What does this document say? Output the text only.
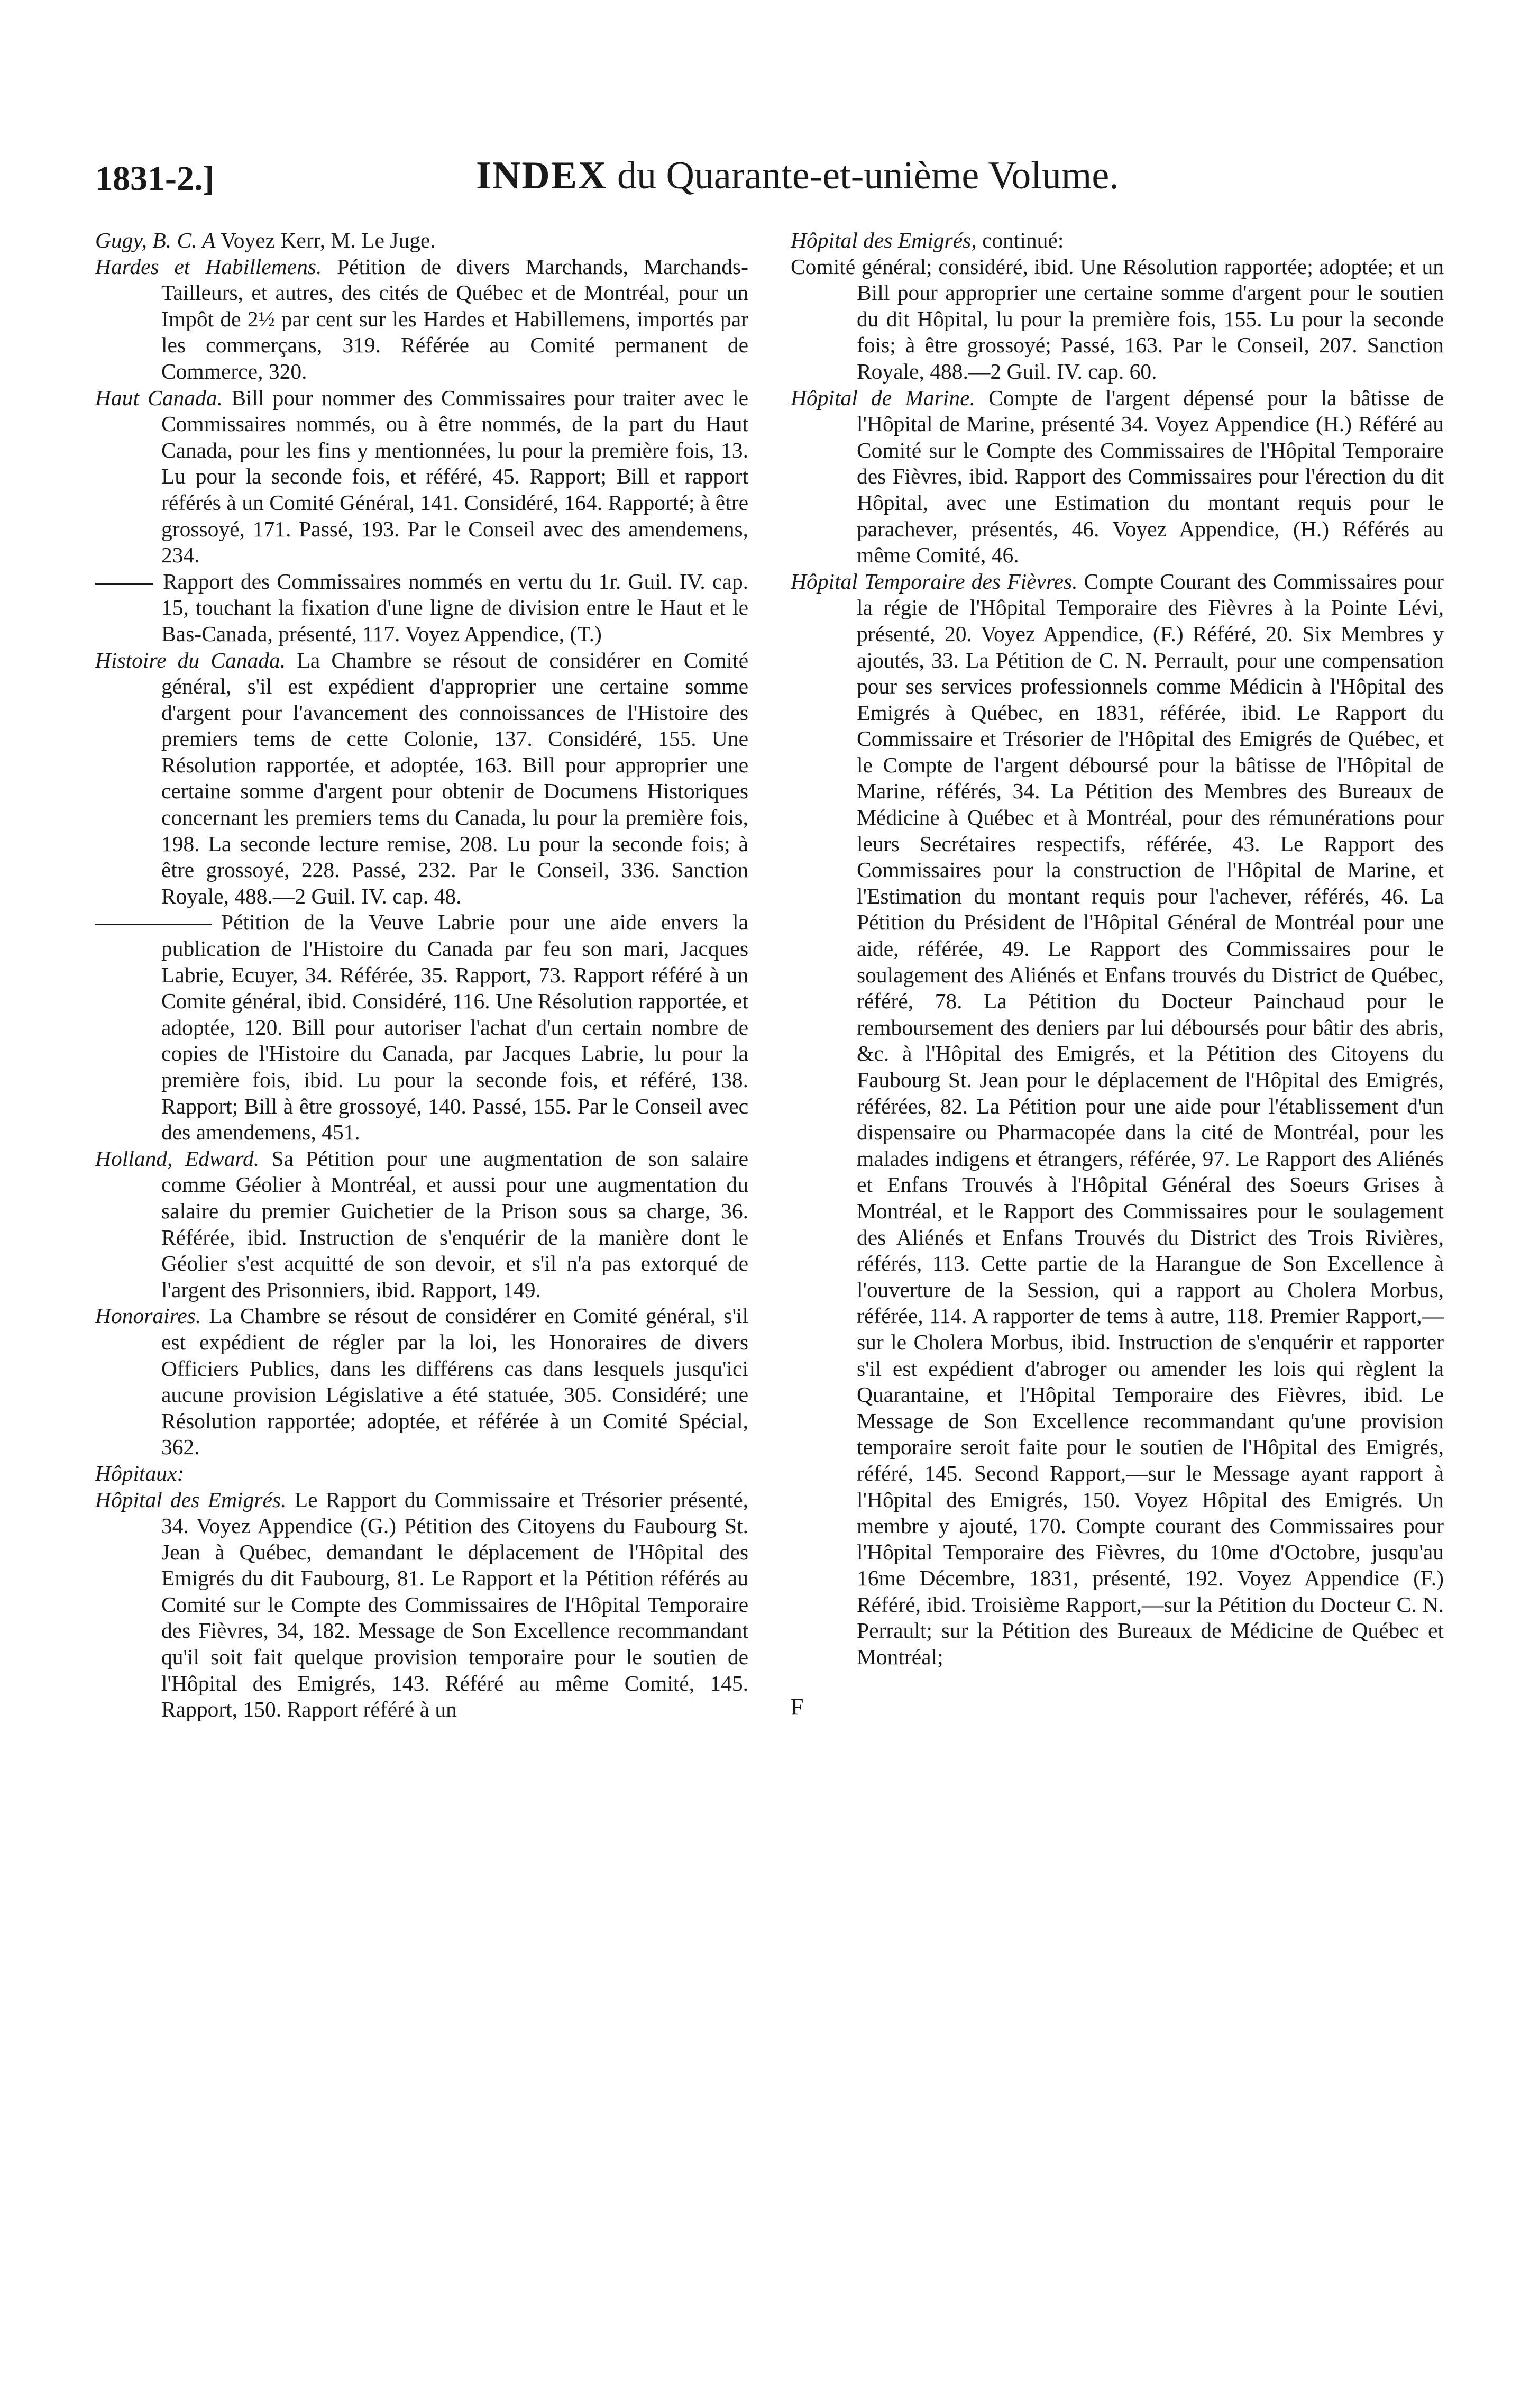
1831-2.]	INDEX du Quarante-et-unième Volume.

Gugy, B. C. A Voyez Kerr, M. Le Juge.

Hardes et Habillemens. Pétition de divers Marchands, Marchands-Tailleurs, et autres, des cités de Québec et de Montréal, pour un Impôt de 2½ par cent sur les Hardes et Habillemens, importés par les commerçans, 319. Référée au Comité permanent de Commerce, 320.

Haut Canada. Bill pour nommer des Commissaires pour traiter avec le Commissaires nommés, ou à être nommés, de la part du Haut Canada, pour les fins y mentionnées, lu pour la première fois, 13. Lu pour la seconde fois, et référé, 45. Rapport; Bill et rapport référés à un Comité Général, 141. Considéré, 164. Rapporté; à être grossoyé, 171. Passé, 193. Par le Conseil avec des amendemens, 234.

Rapport des Commissaires nommés en vertu du 1r. Guil. IV. cap. 15, touchant la fixation d'une ligne de division entre le Haut et le Bas-Canada, présenté, 117. Voyez Appendice, (T.)

Histoire du Canada. La Chambre se résout de considérer en Comité général, s'il est expédient d'approprier une certaine somme d'argent pour l'avancement des connoissances de l'Histoire des premiers tems de cette Colonie, 137. Considéré, 155. Une Résolution rapportée, et adoptée, 163. Bill pour approprier une certaine somme d'argent pour obtenir de Documens Historiques concernant les premiers tems du Canada, lu pour la première fois, 198. La seconde lecture remise, 208. Lu pour la seconde fois; à être grossoyé, 228. Passé, 232. Par le Conseil, 336. Sanction Royale, 488.—2 Guil. IV. cap. 48.

Pétition de la Veuve Labrie pour une aide envers la publication de l'Histoire du Canada par feu son mari, Jacques Labrie, Ecuyer, 34. Référée, 35. Rapport, 73. Rapport référé à un Comite général, ibid. Considéré, 116. Une Résolution rapportée, et adoptée, 120. Bill pour autoriser l'achat d'un certain nombre de copies de l'Histoire du Canada, par Jacques Labrie, lu pour la première fois, ibid. Lu pour la seconde fois, et référé, 138. Rapport; Bill à être grossoyé, 140. Passé, 155. Par le Conseil avec des amendemens, 451.

Holland, Edward. Sa Pétition pour une augmentation de son salaire comme Géolier à Montréal, et aussi pour une augmentation du salaire du premier Guichetier de la Prison sous sa charge, 36. Référée, ibid. Instruction de s'enquérir de la manière dont le Géolier s'est acquitté de son devoir, et s'il n'a pas extorqué de l'argent des Prisonniers, ibid. Rapport, 149.

Honoraires. La Chambre se résout de considérer en Comité général, s'il est expédient de régler par la loi, les Honoraires de divers Officiers Publics, dans les différens cas dans lesquels jusqu'ici aucune provision Législative a été statuée, 305. Considéré; une Résolution rapportée; adoptée, et référée à un Comité Spécial, 362.

Hôpitaux:

Hôpital des Emigrés. Le Rapport du Commissaire et Trésorier présenté, 34. Voyez Appendice (G.) Pétition des Citoyens du Faubourg St. Jean à Québec, demandant le déplacement de l'Hôpital des Emigrés du dit Faubourg, 81. Le Rapport et la Pétition référés au Comité sur le Compte des Commissaires de l'Hôpital Temporaire des Fièvres, 34, 182. Message de Son Excellence recommandant qu'il soit fait quelque provision temporaire pour le soutien de l'Hôpital des Emigrés, 143. Référé au même Comité, 145. Rapport, 150. Rapport référé à un

Hôpital des Emigrés, continué:

Comité général; considéré, ibid. Une Résolution rapportée; adoptée; et un Bill pour approprier une certaine somme d'argent pour le soutien du dit Hôpital, lu pour la première fois, 155. Lu pour la seconde fois; à être grossoyé; Passé, 163. Par le Conseil, 207. Sanction Royale, 488.—2 Guil. IV. cap. 60.

Hôpital de Marine. Compte de l'argent dépensé pour la bâtisse de l'Hôpital de Marine, présenté 34. Voyez Appendice (H.) Référé au Comité sur le Compte des Commissaires de l'Hôpital Temporaire des Fièvres, ibid. Rapport des Commissaires pour l'érection du dit Hôpital, avec une Estimation du montant requis pour le parachever, présentés, 46. Voyez Appendice, (H.) Référés au même Comité, 46.

Hôpital Temporaire des Fièvres. Compte Courant des Commissaires pour la régie de l'Hôpital Temporaire des Fièvres à la Pointe Lévi, présenté, 20. Voyez Appendice, (F.) Référé, 20. Six Membres y ajoutés, 33. La Pétition de C. N. Perrault, pour une compensation pour ses services professionnels comme Médicin à l'Hôpital des Emigrés à Québec, en 1831, référée, ibid. Le Rapport du Commissaire et Trésorier de l'Hôpital des Emigrés de Québec, et le Compte de l'argent déboursé pour la bâtisse de l'Hôpital de Marine, référés, 34. La Pétition des Membres des Bureaux de Médicine à Québec et à Montréal, pour des rémunérations pour leurs Secrétaires respectifs, référée, 43. Le Rapport des Commissaires pour la construction de l'Hôpital de Marine, et l'Estimation du montant requis pour l'achever, référés, 46. La Pétition du Président de l'Hôpital Général de Montréal pour une aide, référée, 49. Le Rapport des Commissaires pour le soulagement des Aliénés et Enfans trouvés du District de Québec, référé, 78. La Pétition du Docteur Painchaud pour le remboursement des deniers par lui déboursés pour bâtir des abris, &c. à l'Hôpital des Emigrés, et la Pétition des Citoyens du Faubourg St. Jean pour le déplacement de l'Hôpital des Emigrés, référées, 82. La Pétition pour une aide pour l'établissement d'un dispensaire ou Pharmacopée dans la cité de Montréal, pour les malades indigens et étrangers, référée, 97. Le Rapport des Aliénés et Enfans Trouvés à l'Hôpital Général des Soeurs Grises à Montréal, et le Rapport des Commissaires pour le soulagement des Aliénés et Enfans Trouvés du District des Trois Rivières, référés, 113. Cette partie de la Harangue de Son Excellence à l'ouverture de la Session, qui a rapport au Cholera Morbus, référée, 114. A rapporter de tems à autre, 118. Premier Rapport,—sur le Cholera Morbus, ibid. Instruction de s'enquérir et rapporter s'il est expédient d'abroger ou amender les lois qui règlent la Quarantaine, et l'Hôpital Temporaire des Fièvres, ibid. Le Message de Son Excellence recommandant qu'une provision temporaire seroit faite pour le soutien de l'Hôpital des Emigrés, référé, 145. Second Rapport,—sur le Message ayant rapport à l'Hôpital des Emigrés, 150. Voyez Hôpital des Emigrés. Un membre y ajouté, 170. Compte courant des Commissaires pour l'Hôpital Temporaire des Fièvres, du 10me d'Octobre, jusqu'au 16me Décembre, 1831, présenté, 192. Voyez Appendice (F.) Référé, ibid. Troisième Rapport,—sur la Pétition du Docteur C. N. Perrault; sur la Pétition des Bureaux de Médicine de Québec et Montréal;

F
